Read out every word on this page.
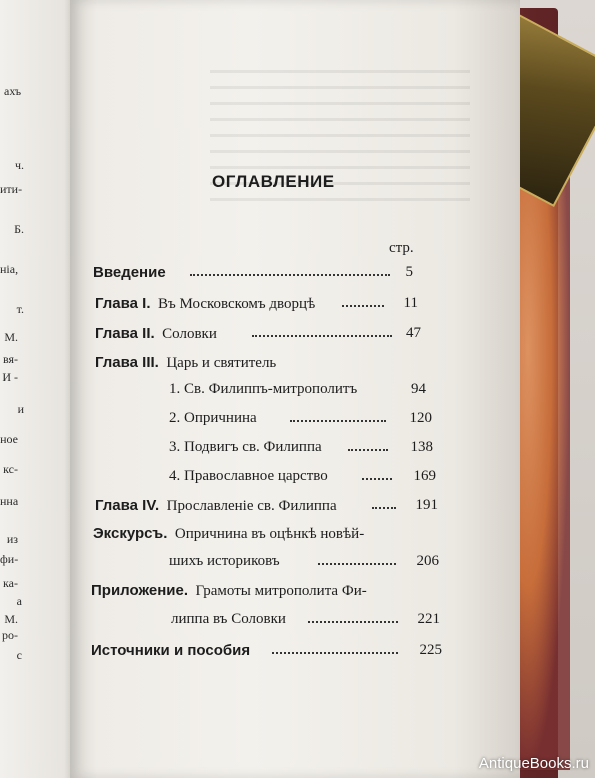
ахъ
ч.
ити-
Б.
ніа,
т.
М.
вя-
И -
и
ное
кс-
нна
из
фи-
ка-
а
М.
ро-
с
ОГЛАВЛЕНИЕ
стр.
Введение	5
Глава I. Въ Московскомъ дворцѣ	11
Глава II. Соловки	47
Глава III. Царь и святитель
1. Св. Филиппъ-митрополитъ	94
2. Опричнина	120
3. Подвигъ св. Филиппа	138
4. Православное царство	169
Глава IV. Прославленіе св. Филиппа	191
Экскурсъ. Опричнина въ оцѣнкѣ новѣй-
шихъ историковъ	206
Приложение. Грамоты митрополита Фи-
липпа въ Соловки	221
Источники и пособия	225
AntiqueBooks.ru
